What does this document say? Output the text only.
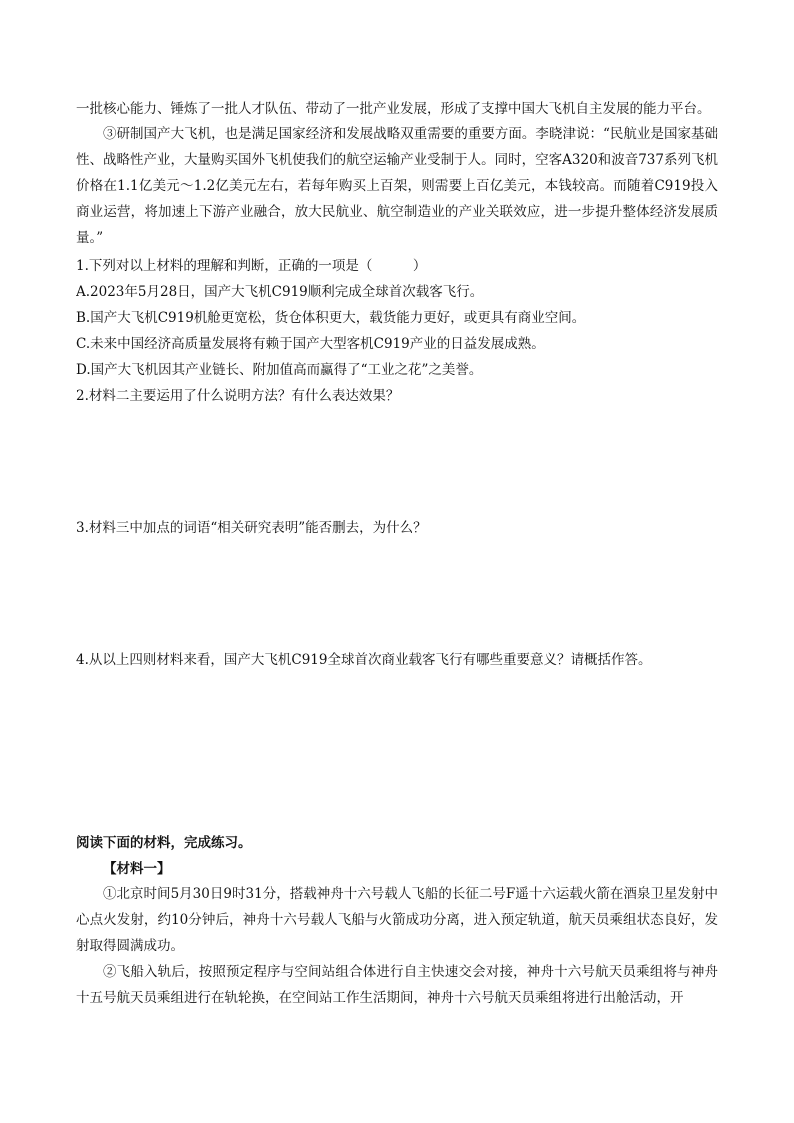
一批核心能力、锤炼了一批人才队伍、带动了一批产业发展，形成了支撑中国大飞机自主发展的能力平台。
③研制国产大飞机，也是满足国家经济和发展战略双重需要的重要方面。李晓津说：“民航业是国家基础性、战略性产业，大量购买国外飞机使我们的航空运输产业受制于人。同时，空客A320和波音737系列飞机价格在1.1亿美元～1.2亿美元左右，若每年购买上百架，则需要上百亿美元，本钱较高。而随着C919投入商业运营，将加速上下游产业融合，放大民航业、航空制造业的产业关联效应，进一步提升整体经济发展质量。”
1.下列对以上材料的理解和判断，正确的一项是（　　　）
A.2023年5月28日，国产大飞机C919顺利完成全球首次载客飞行。
B.国产大飞机C919机舱更宽松，货仓体积更大，载货能力更好，或更具有商业空间。
C.未来中国经济高质量发展将有赖于国产大型客机C919产业的日益发展成熟。
D.国产大飞机因其产业链长、附加值高而赢得了“工业之花”之美誉。
2.材料二主要运用了什么说明方法？有什么表达效果？
3.材料三中加点的词语“相关研究表明”能否删去，为什么？
4.从以上四则材料来看，国产大飞机C919全球首次商业载客飞行有哪些重要意义？请概括作答。
阅读下面的材料，完成练习。
【材料一】
①北京时间5月30日9时31分，搭载神舟十六号载人飞船的长征二号F遥十六运载火箭在酒泉卫星发射中心点火发射，约10分钟后，神舟十六号载人飞船与火箭成功分离，进入预定轨道，航天员乘组状态良好，发射取得圆满成功。
②飞船入轨后，按照预定程序与空间站组合体进行自主快速交会对接，神舟十六号航天员乘组将与神舟十五号航天员乘组进行在轨轮换，在空间站工作生活期间，神舟十六号航天员乘组将进行出舱活动，开
